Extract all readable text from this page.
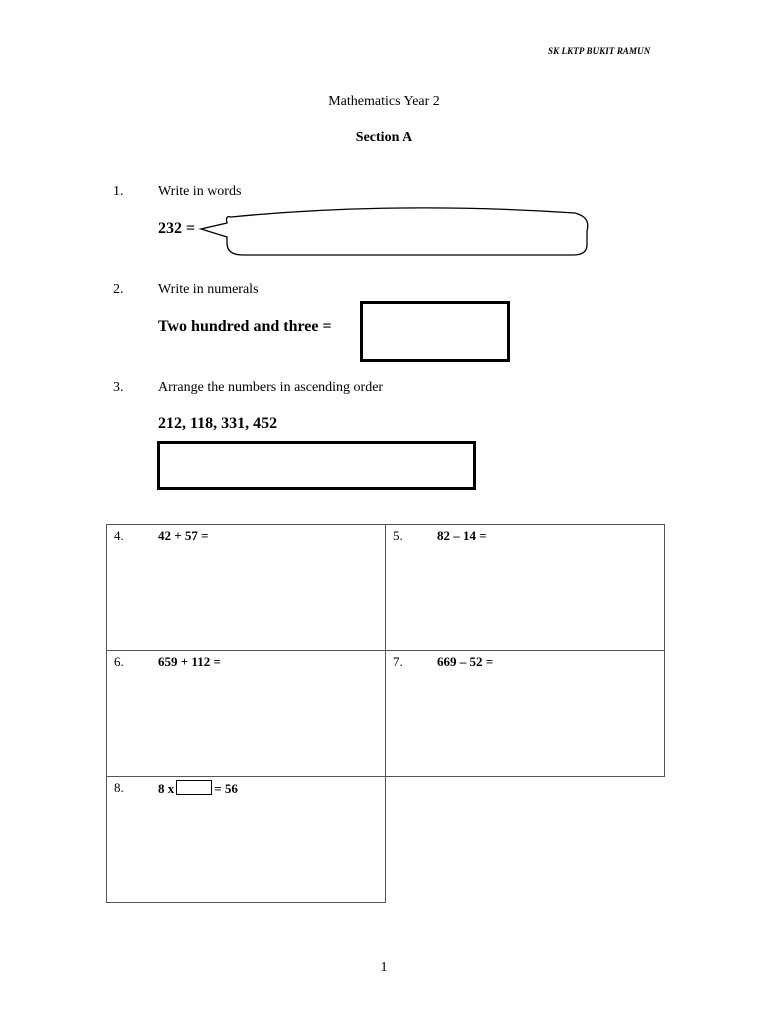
SK LKTP BUKIT RAMUN
Mathematics Year 2
Section A
1. Write in words
232 =
2. Write in numerals
Two hundred and three =
3. Arrange the numbers in ascending order
212, 118, 331, 452
4. 42 + 57 =	5. 82 – 14 =

6. 659 + 112 =	7. 669 – 52 =

8. 8 x = 56	

1
